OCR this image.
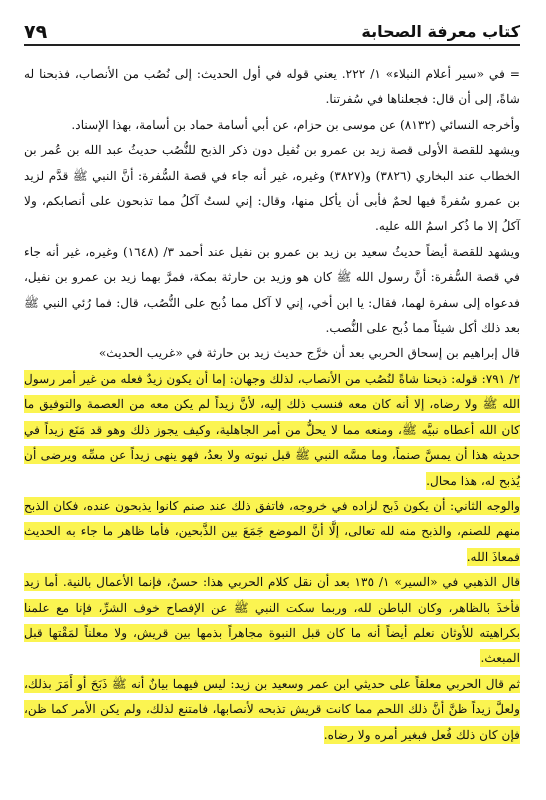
كتاب معرفة الصحابة
٧٩

= في «سير أعلام النبلاء» ١/ ٢٢٢. يعني قوله في أول الحديث: إلى نُصُب من الأنصاب، فذبحنا له شاةً، إلى أن قال: فجعلناها في سُفرتنا.

وأخرجه النسائي (٨١٣٢) عن موسى بن حزام، عن أبي أسامة حماد بن أسامة، بهذا الإسناد.

ويشهد للقصة الأولى قصة زيد بن عمرو بن نُفيل دون ذكر الذبح للنُّصُب حديثُ عبد الله بن عُمر بن الخطاب عند البخاري (٣٨٢٦) و(٣٨٢٧) وغيره، غير أنه جاء في قصة السُّفرة: أنَّ النبي ﷺ قدَّم لزيد بن عمرو سُفرةً فيها لحمٌ فأبى أن يأكل منها، وقال: إني لستُ آكلُ مما تذبحون على أنصابكم، ولا آكلُ إلا ما ذُكر اسمُ الله عليه.

ويشهد للقصة أيضاً حديثُ سعيد بن زيد بن عمرو بن نفيل عند أحمد ٣/ (١٦٤٨) وغيره، غير أنه جاء في قصة السُّفرة: أنَّ رسول الله ﷺ كان هو وزيد بن حارثة بمكة، فمرَّ بهما زيد بن عمرو بن نفيل، فدعواه إلى سفرة لهما، فقال: يا ابن أخي، إني لا آكل مما ذُبح على النُّصُب، قال: فما رُئي النبي ﷺ بعد ذلك أكل شيئاً مما ذُبح على النُّصب.

قال إبراهيم بن إسحاق الحربي بعد أن خرَّج حديث زيد بن حارثة في «غريب الحديث»

٢/ ٧٩١: قوله: ذبحنا شاةً لنُصُب من الأنصاب، لذلك وجهان: إما أن يكون زيدٌ فعله من غير أمر رسول الله ﷺ ولا رضاه، إلا أنه كان معه فنسب ذلك إليه، لأنَّ زيداً لم يكن معه من العصمة والتوفيق ما كان الله أعطاه نبيَّه ﷺ، ومنعه مما لا يحلُّ من أمر الجاهلية، وكيف يجوز ذلك وهو قد مَنَع زيداً في حديثه هذا أن يمسَّ صنماً، وما مسَّه النبي ﷺ قبل نبوته ولا بعدُ، فهو ينهى زيداً عن مسِّه ويرضى أن يُذبح له، هذا محال.

والوجه الثاني: أن يكون ذَبح لزاده في خروجه، فاتفق ذلك عند صنم كانوا يذبحون عنده، فكان الذبح منهم للصنم، والذبح منه لله تعالى، إلَّا أنَّ الموضع جَمَعَ بين الذَّبحين، فأما ظاهر ما جاء به الحديث فمعاذَ الله.

قال الذهبي في «السير» ١/ ١٣٥ بعد أن نقل كلام الحربي هذا: حسنٌ، فإنما الأعمال بالنية. أما زيد فأخذَ بالظاهر، وكان الباطن لله، وربما سكت النبي ﷺ عن الإفصاح خوف الشرِّ، فإنا مع علمنا بكراهيته للأوثان نعلم أيضاً أنه ما كان قبل النبوة مجاهراً بذمها بين قريش، ولا معلناً لمَقْتها قبل المبعث.

ثم قال الحربي معلقاً على حديثي ابن عمر وسعيد بن زيد: ليس فيهما بيانٌ أنه ﷺ ذَبَحَ أو أَمَرَ بذلك، ولعلَّ زيداً ظنَّ أنَّ ذلك اللحم مما كانت قريش تذبحه لأنصابها، فامتنع لذلك، ولم يكن الأمر كما ظن، فإن كان ذلك فُعل فبغير أمره ولا رضاه.
